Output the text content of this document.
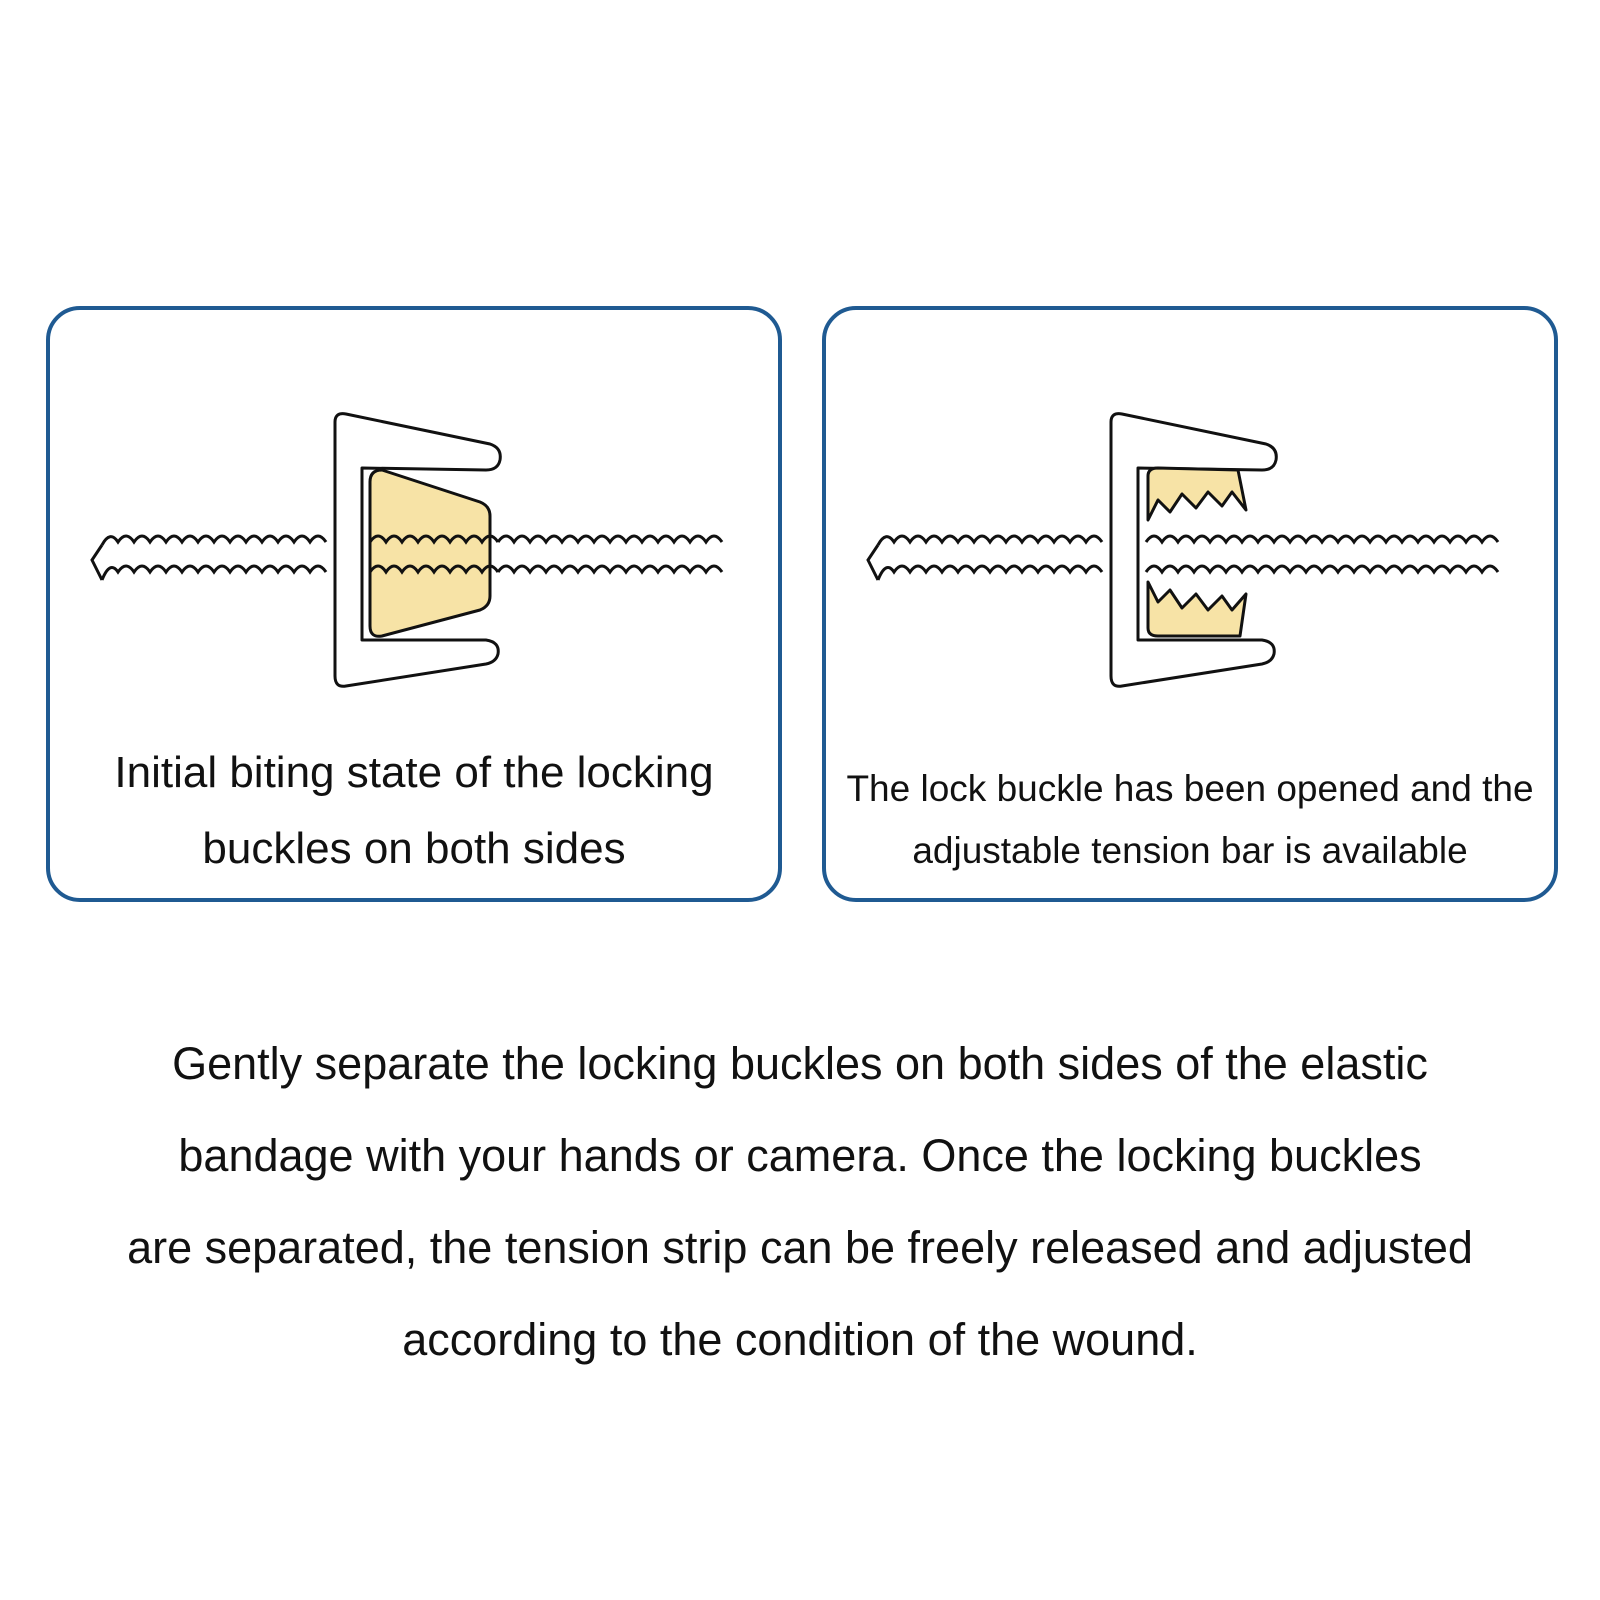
Initial biting state of the locking
buckles on both sides
The lock buckle has been opened and the
adjustable tension bar is available
Gently separate the locking buckles on both sides of the elastic
bandage with your hands or camera. Once the locking buckles
are separated, the tension strip can be freely released and adjusted
according to the condition of the wound.
